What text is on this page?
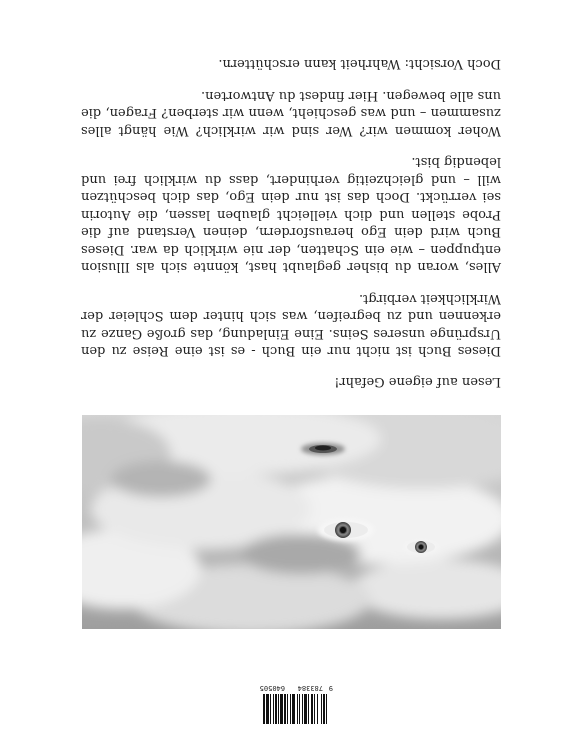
Lesen auf eigene Gefahr!

Dieses Buch ist nicht nur ein Buch - es ist eine Reise zu den Ursprünge unseres Seins. Eine Einladung, das große Ganze zu erkennen und zu begreifen, was sich hinter dem Schleier der Wirklichkeit verbirgt.

Alles, woran du bisher geglaubt hast, könnte sich als Illusion entpuppen – wie ein Schatten, der nie wirklich da war. Dieses Buch wird dein Ego herausfordern, deinen Verstand auf die Probe stellen und dich vielleicht glauben lassen, die Autorin sei verrückt. Doch das ist nur dein Ego, das dich beschützen will – und gleichzeitig verhindert, dass du wirklich frei und lebendig bist.

Woher kommen wir? Wer sind wir wirklich? Wie hängt alles zusammen – und was geschieht, wenn wir sterben? Fragen, die uns alle bewegen. Hier findest du Antworten.

Doch Vorsicht: Wahrheit kann erschüttern.

9
783384
640505
